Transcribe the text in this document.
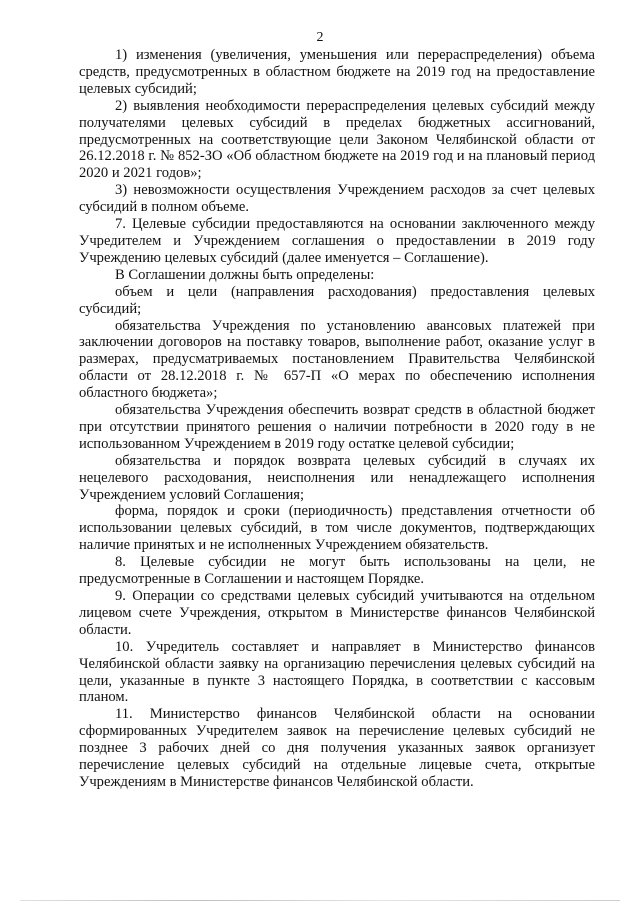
2

1) изменения (увеличения, уменьшения или перераспределения) объема средств, предусмотренных в областном бюджете на 2019 год на предоставление целевых субсидий;

2) выявления необходимости перераспределения целевых субсидий между получателями целевых субсидий в пределах бюджетных ассигнований, предусмотренных на соответствующие цели Законом Челябинской области от 26.12.2018 г. № 852-ЗО «Об областном бюджете на 2019 год и на плановый период 2020 и 2021 годов»;

3) невозможности осуществления Учреждением расходов за счет целевых субсидий в полном объеме.

7. Целевые субсидии предоставляются на основании заключенного между Учредителем и Учреждением соглашения о предоставлении в 2019 году Учреждению целевых субсидий (далее именуется – Соглашение).

В Соглашении должны быть определены:

объем и цели (направления расходования) предоставления целевых субсидий;

обязательства Учреждения по установлению авансовых платежей при заключении договоров на поставку товаров, выполнение работ, оказание услуг в размерах, предусматриваемых постановлением Правительства Челябинской области от 28.12.2018 г. № 657-П «О мерах по обеспечению исполнения областного бюджета»;

обязательства Учреждения обеспечить возврат средств в областной бюджет при отсутствии принятого решения о наличии потребности в 2020 году в не использованном Учреждением в 2019 году остатке целевой субсидии;

обязательства и порядок возврата целевых субсидий в случаях их нецелевого расходования, неисполнения или ненадлежащего исполнения Учреждением условий Соглашения;

форма, порядок и сроки (периодичность) представления отчетности об использовании целевых субсидий, в том числе документов, подтверждающих наличие принятых и не исполненных Учреждением обязательств.

8. Целевые субсидии не могут быть использованы на цели, не предусмотренные в Соглашении и настоящем Порядке.

9. Операции со средствами целевых субсидий учитываются на отдельном лицевом счете Учреждения, открытом в Министерстве финансов Челябинской области.

10. Учредитель составляет и направляет в Министерство финансов Челябинской области заявку на организацию перечисления целевых субсидий на цели, указанные в пункте 3 настоящего Порядка, в соответствии с кассовым планом.

11. Министерство финансов Челябинской области на основании сформированных Учредителем заявок на перечисление целевых субсидий не позднее 3 рабочих дней со дня получения указанных заявок организует перечисление целевых субсидий на отдельные лицевые счета, открытые Учреждениям в Министерстве финансов Челябинской области.
